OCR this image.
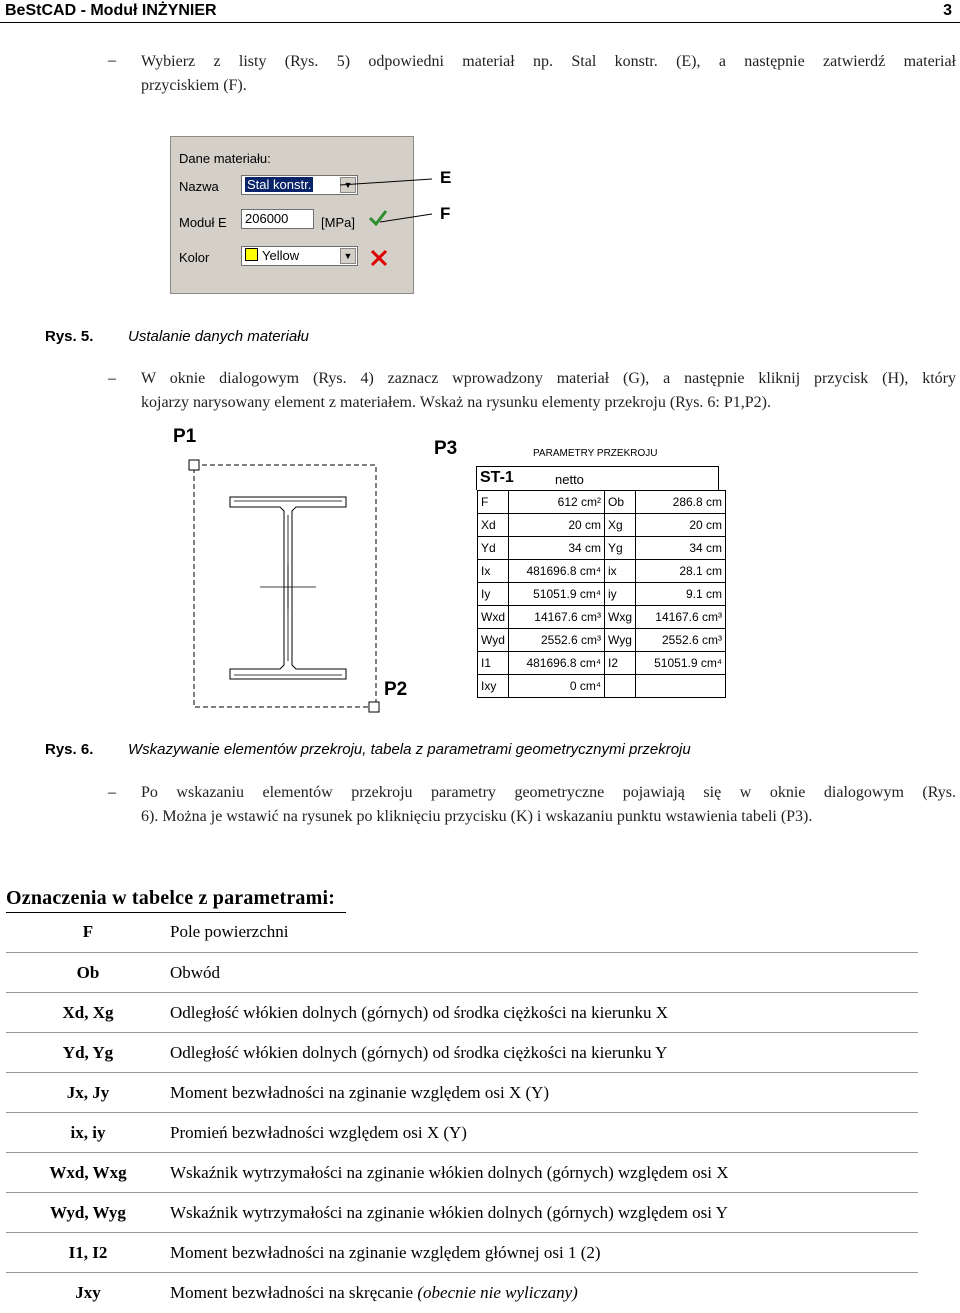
BeStCAD - Moduł INŻYNIER	3
– Wybierz z listy (Rys. 5) odpowiedni materiał np. Stal konstr. (E), a następnie zatwierdź materiał
przyciskiem (F).
Dane materiału:
Nazwa	Stal konstr.	▼
Moduł E	206000	[MPa]
Kolor	Yellow	▼
E
F
Rys. 5. Ustalanie danych materiału
– W oknie dialogowym (Rys. 4) zaznacz wprowadzony materiał (G), a następnie kliknij przycisk (H), który
kojarzy narysowany element z materiałem. Wskaż na rysunku elementy przekroju (Rys. 6: P1,P2).
P1
P2
P3	PARAMETRY PRZEKROJU
ST-1	netto
F	612 cm²	Ob	286.8 cm
Xd	20 cm	Xg	20 cm
Yd	34 cm	Yg	34 cm
Ix	481696.8 cm⁴	ix	28.1 cm
Iy	51051.9 cm⁴	iy	9.1 cm
Wxd	14167.6 cm³	Wxg	14167.6 cm³
Wyd	2552.6 cm³	Wyg	2552.6 cm³
I1	481696.8 cm⁴	I2	51051.9 cm⁴
Ixy	0 cm⁴		
Rys. 6. Wskazywanie elementów przekroju, tabela z parametrami geometrycznymi przekroju
– Po wskazaniu elementów przekroju parametry geometryczne pojawiają się w oknie dialogowym (Rys.
6). Można je wstawić na rysunek po kliknięciu przycisku (K) i wskazaniu punktu wstawienia tabeli (P3).
Oznaczenia w tabelce z parametrami:
F	Pole powierzchni
Ob	Obwód
Xd, Xg	Odległość włókien dolnych (górnych) od środka ciężkości na kierunku X
Yd, Yg	Odległość włókien dolnych (górnych) od środka ciężkości na kierunku Y
Jx, Jy	Moment bezwładności na zginanie względem osi X (Y)
ix, iy	Promień bezwładności względem osi X (Y)
Wxd, Wxg	Wskaźnik wytrzymałości na zginanie włókien dolnych (górnych) względem osi X
Wyd, Wyg	Wskaźnik wytrzymałości na zginanie włókien dolnych (górnych) względem osi Y
I1, I2	Moment bezwładności na zginanie względem głównej osi 1 (2)
Jxy	Moment bezwładności na skręcanie (obecnie nie wyliczany)
